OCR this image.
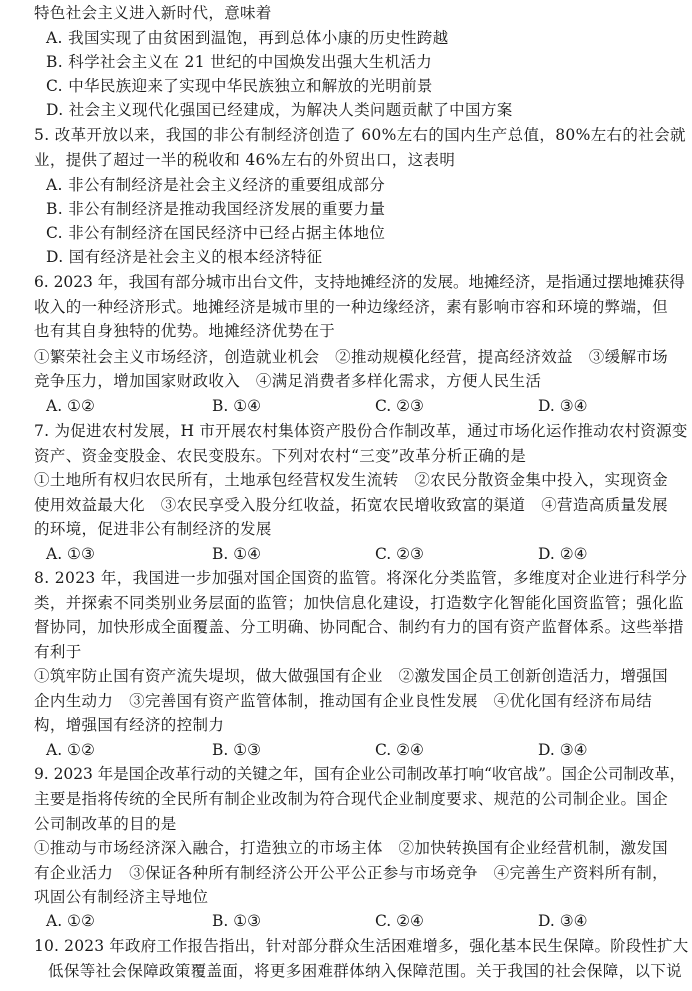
特色社会主义进入新时代，意味着
A. 我国实现了由贫困到温饱，再到总体小康的历史性跨越
B. 科学社会主义在 21 世纪的中国焕发出强大生机活力
C. 中华民族迎来了实现中华民族独立和解放的光明前景
D. 社会主义现代化强国已经建成，为解决人类问题贡献了中国方案
5. 改革开放以来，我国的非公有制经济创造了 60%左右的国内生产总值，80%左右的社会就
业，提供了超过一半的税收和 46%左右的外贸出口，这表明
A. 非公有制经济是社会主义经济的重要组成部分
B. 非公有制经济是推动我国经济发展的重要力量
C. 非公有制经济在国民经济中已经占据主体地位
D. 国有经济是社会主义的根本经济特征
6. 2023 年，我国有部分城市出台文件，支持地摊经济的发展。地摊经济，是指通过摆地摊获得
收入的一种经济形式。地摊经济是城市里的一种边缘经济，素有影响市容和环境的弊端，但
也有其自身独特的优势。地摊经济优势在于
①繁荣社会主义市场经济，创造就业机会　②推动规模化经营，提高经济效益　③缓解市场
竞争压力，增加国家财政收入　④满足消费者多样化需求，方便人民生活
A. ①②	B. ①④	C. ②③	D. ③④
7. 为促进农村发展，H 市开展农村集体资产股份合作制改革，通过市场化运作推动农村资源变
资产、资金变股金、农民变股东。下列对农村“三变”改革分析正确的是
①土地所有权归农民所有，土地承包经营权发生流转　②农民分散资金集中投入，实现资金
使用效益最大化　③农民享受入股分红收益，拓宽农民增收致富的渠道　④营造高质量发展
的环境，促进非公有制经济的发展
A. ①③	B. ①④	C. ②③	D. ②④
8. 2023 年，我国进一步加强对国企国资的监管。将深化分类监管，多维度对企业进行科学分
类，并探索不同类别业务层面的监管；加快信息化建设，打造数字化智能化国资监管；强化监
督协同，加快形成全面覆盖、分工明确、协同配合、制约有力的国有资产监督体系。这些举措
有利于
①筑牢防止国有资产流失堤坝，做大做强国有企业　②激发国企员工创新创造活力，增强国
企内生动力　③完善国有资产监管体制，推动国有企业良性发展　④优化国有经济布局结
构，增强国有经济的控制力
A. ①②	B. ①③	C. ②④	D. ③④
9. 2023 年是国企改革行动的关键之年，国有企业公司制改革打响“收官战”。国企公司制改革，
主要是指将传统的全民所有制企业改制为符合现代企业制度要求、规范的公司制企业。国企
公司制改革的目的是
①推动与市场经济深入融合，打造独立的市场主体　②加快转换国有企业经营机制，激发国
有企业活力　③保证各种所有制经济公开公平公正参与市场竞争　④完善生产资料所有制，
巩固公有制经济主导地位
A. ①②	B. ①③	C. ②④	D. ③④
10. 2023 年政府工作报告指出，针对部分群众生活困难增多，强化基本民生保障。阶段性扩大
低保等社会保障政策覆盖面，将更多困难群体纳入保障范围。关于我国的社会保障，以下说
